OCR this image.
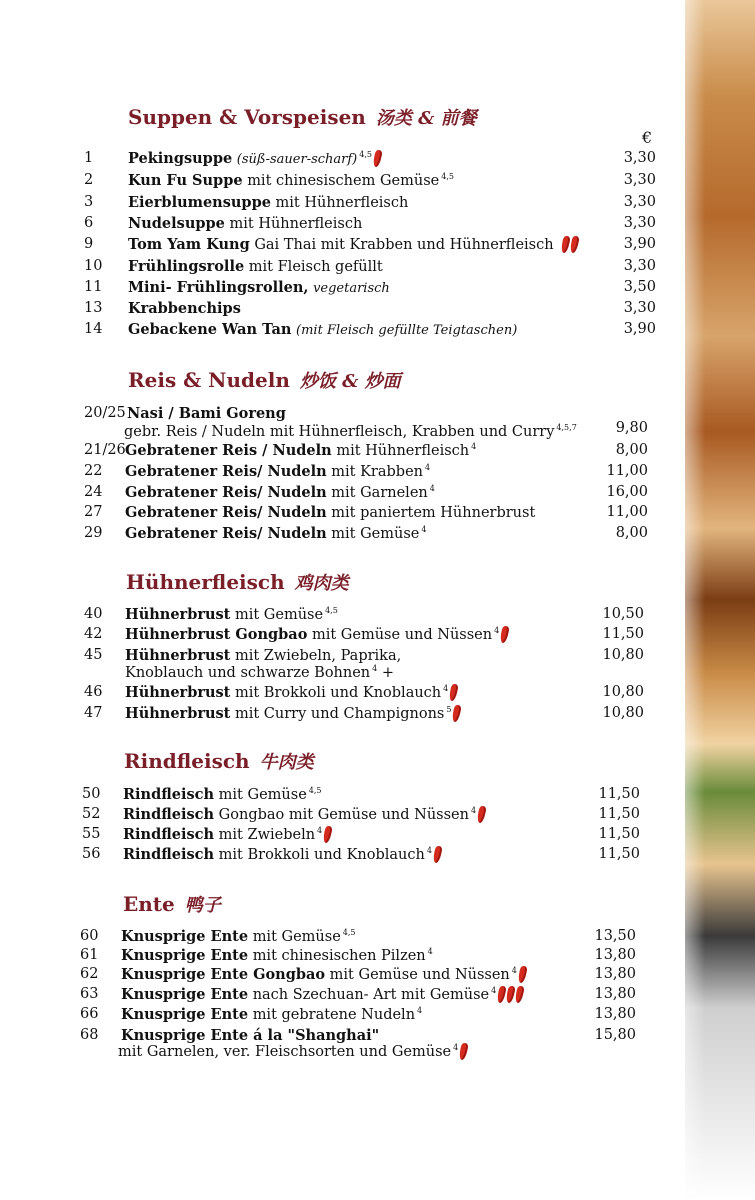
Suppen & Vorspeisen 汤类 & 前餐
€
1 Pekingsuppe (süß-sauer-scharf) $^{4,5}$	3,30
2 Kun Fu Suppe mit chinesischem Gemüse $^{4,5}$	3,30
3 Eierblumensuppe mit Hühnerfleisch	3,30
6 Nudelsuppe mit Hühnerfleisch	3,30
9 Tom Yam Kung Gai Thai mit Krabben und Hühnerfleisch	3,90
10 Frühlingsrolle mit Fleisch gefüllt	3,30
11 Mini- Frühlingsrollen, vegetarisch	3,50
13 Krabbenchips	3,30
14 Gebackene Wan Tan (mit Fleisch gefüllte Teigtaschen)	3,90
Reis & Nudeln 炒饭 & 炒面
20/25 Nasi / Bami Goreng
gebr. Reis / Nudeln mit Hühnerfleisch, Krabben und Curry $^{4,5,7}$	9,80
21/26 Gebratener Reis / Nudeln mit Hühnerfleisch $^4$	8,00
22 Gebratener Reis/ Nudeln mit Krabben $^4$	11,00
24 Gebratener Reis/ Nudeln mit Garnelen $^4$	16,00
27 Gebratener Reis/ Nudeln mit paniertem Hühnerbrust	11,00
29 Gebratener Reis/ Nudeln mit Gemüse $^4$	8,00
Hühnerfleisch 鸡肉类
40 Hühnerbrust mit Gemüse $^{4,5}$	10,50
42 Hühnerbrust Gongbao mit Gemüse und Nüssen $^4$	11,50
45 Hühnerbrust mit Zwiebeln, Paprika,	10,80
Knoblauch und schwarze Bohnen $^4$ +
46 Hühnerbrust mit Brokkoli und Knoblauch $^4$	10,80
47 Hühnerbrust mit Curry und Champignons $^5$	10,80
Rindfleisch 牛肉类
50 Rindfleisch mit Gemüse $^{4,5}$	11,50
52 Rindfleisch Gongbao mit Gemüse und Nüssen $^4$	11,50
55 Rindfleisch mit Zwiebeln $^4$	11,50
56 Rindfleisch mit Brokkoli und Knoblauch $^4$	11,50
Ente 鸭子
60 Knusprige Ente mit Gemüse $^{4,5}$	13,50
61 Knusprige Ente mit chinesischen Pilzen $^4$	13,80
62 Knusprige Ente Gongbao mit Gemüse und Nüssen $^4$	13,80
63 Knusprige Ente nach Szechuan- Art mit Gemüse $^4$	13,80
66 Knusprige Ente mit gebratene Nudeln $^4$	13,80
68 Knusprige Ente á la "Shanghai"	15,80
mit Garnelen, ver. Fleischsorten und Gemüse $^4$
